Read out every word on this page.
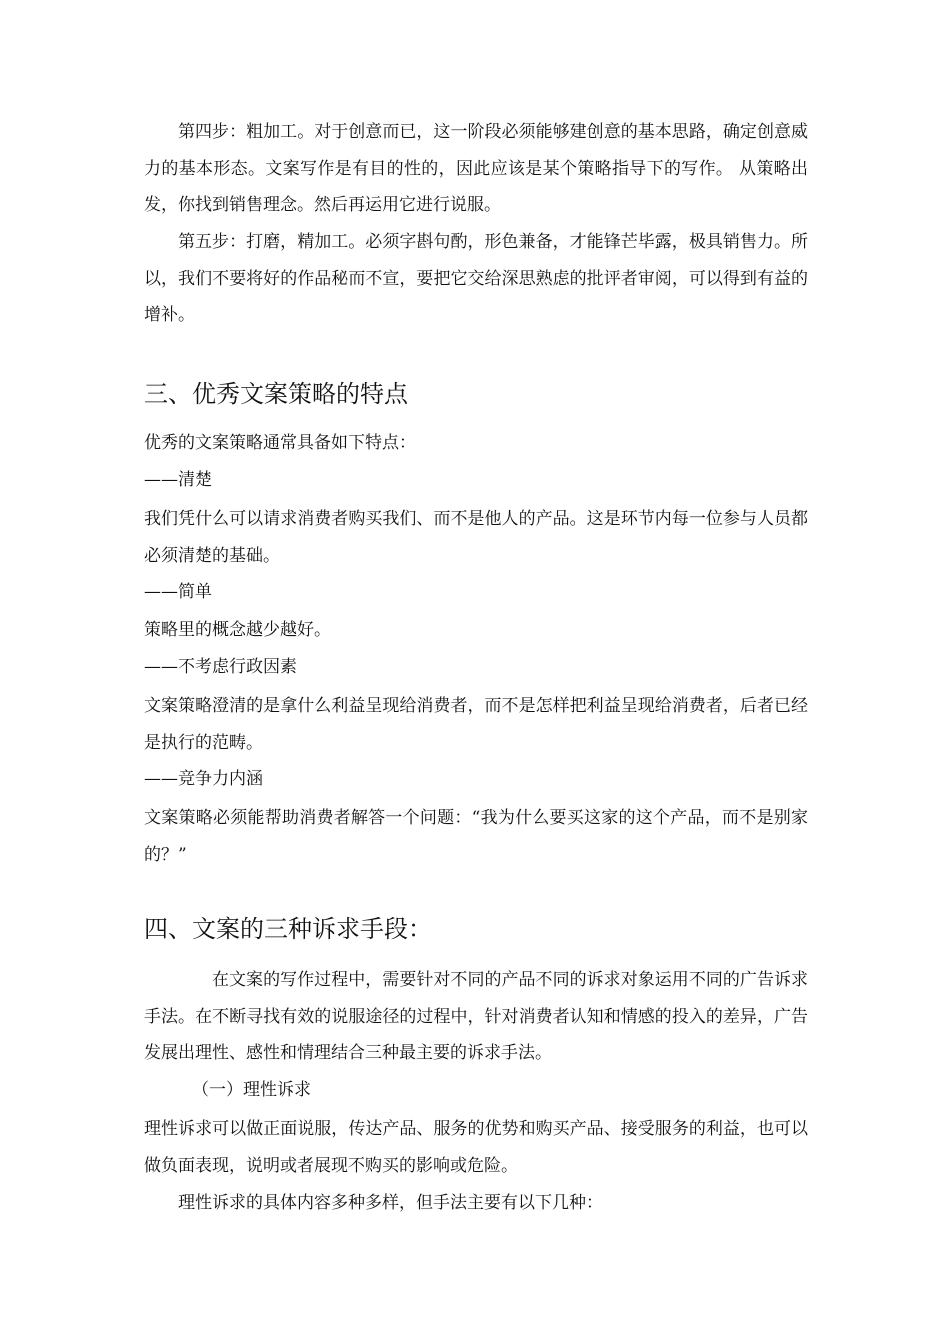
第四步：粗加工。对于创意而已，这一阶段必须能够建创意的基本思路，确定创意威力的基本形态。文案写作是有目的性的，因此应该是某个策略指导下的写作。 从策略出发，你找到销售理念。然后再运用它进行说服。

第五步：打磨，精加工。必须字斟句酌，形色兼备，才能锋芒毕露，极具销售力。所以，我们不要将好的作品秘而不宣，要把它交给深思熟虑的批评者审阅，可以得到有益的增补。

三、优秀文案策略的特点

优秀的文案策略通常具备如下特点：

——清楚

我们凭什么可以请求消费者购买我们、而不是他人的产品。这是环节内每一位参与人员都必须清楚的基础。

——简单

策略里的概念越少越好。

——不考虑行政因素

文案策略澄清的是拿什么利益呈现给消费者，而不是怎样把利益呈现给消费者，后者已经是执行的范畴。

——竞争力内涵

文案策略必须能帮助消费者解答一个问题：“我为什么要买这家的这个产品，而不是别家的？”

四、文案的三种诉求手段：

在文案的写作过程中，需要针对不同的产品不同的诉求对象运用不同的广告诉求手法。在不断寻找有效的说服途径的过程中，针对消费者认知和情感的投入的差异，广告发展出理性、感性和情理结合三种最主要的诉求手法。

（一）理性诉求

理性诉求可以做正面说服，传达产品、服务的优势和购买产品、接受服务的利益，也可以做负面表现，说明或者展现不购买的影响或危险。

理性诉求的具体内容多种多样，但手法主要有以下几种：
